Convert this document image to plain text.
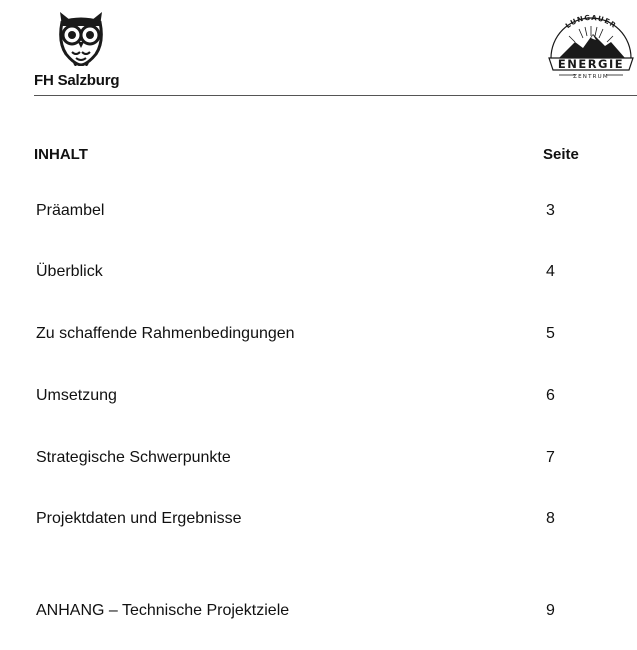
FH Salzburg
LUNGAUER
ENERGIE
ZENTRUM
INHALT	Seite
Präambel	3
Überblick	4
Zu schaffende Rahmenbedingungen	5
Umsetzung	6
Strategische Schwerpunkte	7
Projektdaten und Ergebnisse	8
ANHANG – Technische Projektziele	9
